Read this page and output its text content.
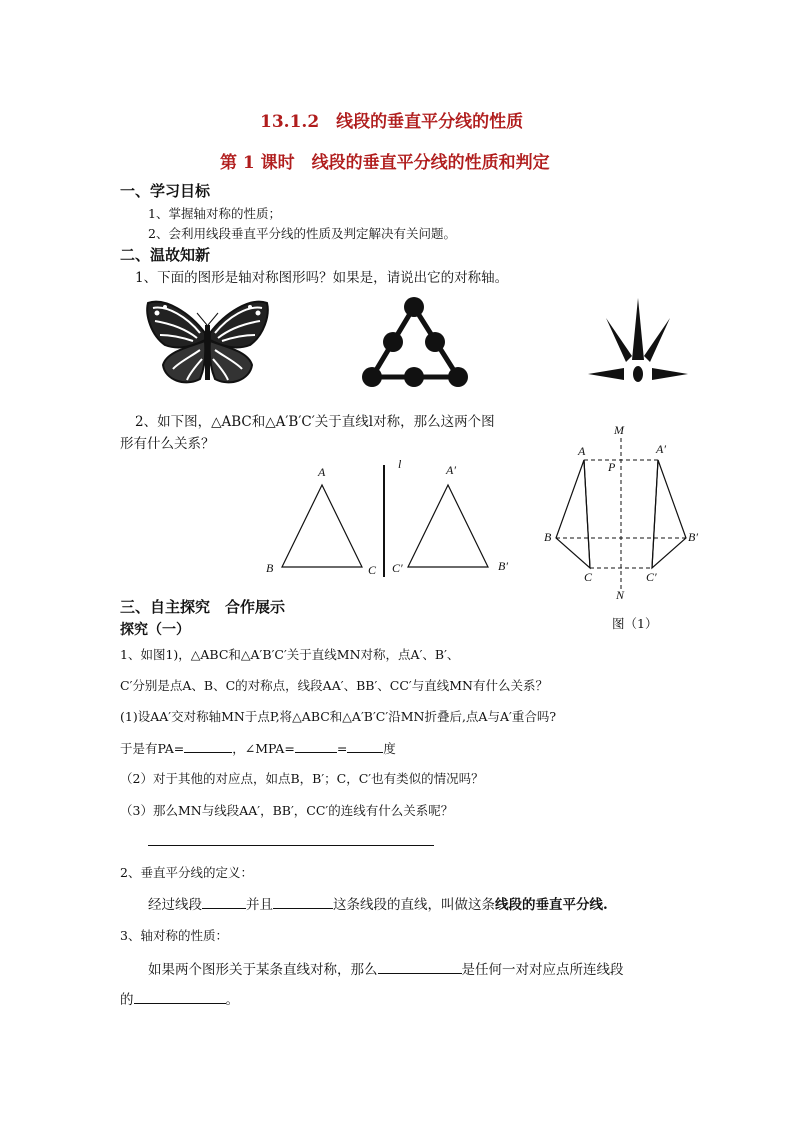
13.1.2　线段的垂直平分线的性质
第 1 课时　线段的垂直平分线的性质和判定
一、学习目标
1、掌握轴对称的性质；
2、会利用线段垂直平分线的性质及判定解决有关问题。
二、温故知新
1、下面的图形是轴对称图形吗？如果是，请说出它的对称轴。
2、如下图，△ABC和△A′B′C′关于直线l对称，那么这两个图
形有什么关系？
A
B	C
l	A′
C′	B′
M
A
P
A′
B	B′
C	C′
N
图（1）
三、自主探究　合作展示
探究（一）
1、如图1)，△ABC和△A′B′C′关于直线MN对称，点A′、B′、
C′分别是点A、B、C的对称点，线段AA′、BB′、CC′与直线MN有什么关系？
(1)设AA′交对称轴MN于点P,将△ABC和△A′B′C′沿MN折叠后,点A与A′重合吗?
于是有PA=	，∠MPA=	=	度
（2）对于其他的对应点，如点B，B′；C，C′也有类似的情况吗？
（3）那么MN与线段AA′，BB′，CC′的连线有什么关系呢？
2、垂直平分线的定义：
经过线段	并且	这条线段的直线，叫做这条线段的垂直平分线.
3、轴对称的性质：
如果两个图形关于某条直线对称，那么	是任何一对对应点所连线段
的	。
